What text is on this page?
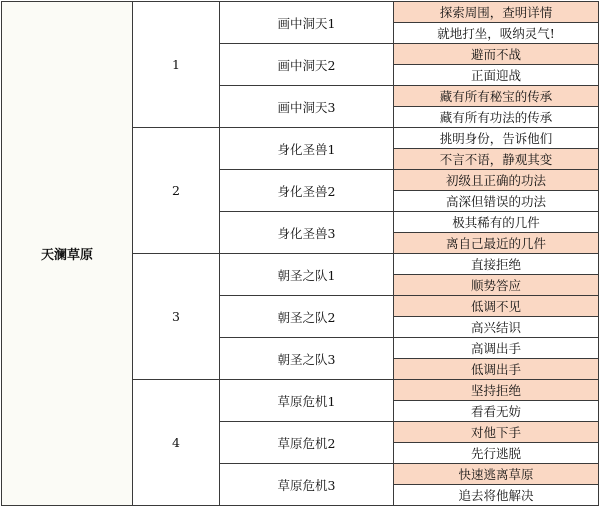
天澜草原	1	画中洞天1	探索周围，查明详情
			就地打坐，吸纳灵气!
		画中洞天2	避而不战
			正面迎战
		画中洞天3	藏有所有秘宝的传承
			藏有所有功法的传承
	2	身化圣兽1	挑明身份，告诉他们
			不言不语，静观其变
		身化圣兽2	初级且正确的功法
			高深但错误的功法
		身化圣兽3	极其稀有的几件
			离自己最近的几件
	3	朝圣之队1	直接拒绝
			顺势答应
		朝圣之队2	低调不见
			高兴结识
		朝圣之队3	高调出手
			低调出手
	4	草原危机1	坚持拒绝
			看看无妨
		草原危机2	对他下手
			先行逃脱
		草原危机3	快速逃离草原
			追去将他解决
